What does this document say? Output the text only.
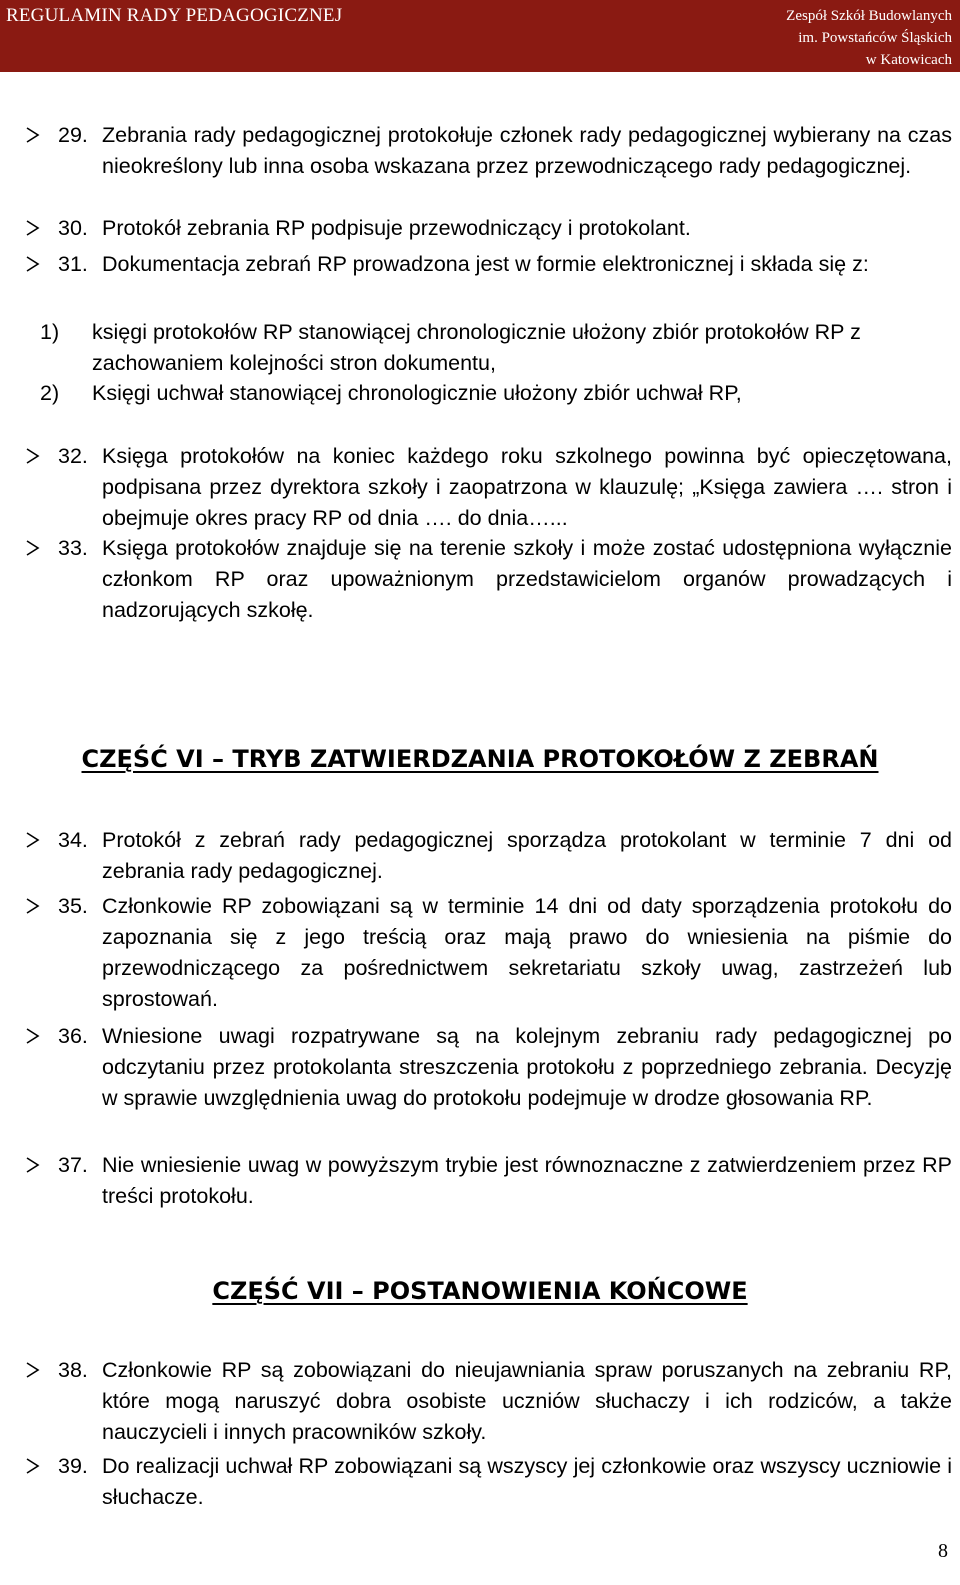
REGULAMIN RADY PEDAGOGICZNEJ	Zespół Szkół Budowlanych
im. Powstańców Śląskich
w Katowicach
29. Zebrania rady pedagogicznej protokołuje członek rady pedagogicznej wybierany na czas nieokreślony lub inna osoba wskazana przez przewodniczącego rady pedagogicznej.
30. Protokół zebrania RP podpisuje przewodniczący i protokolant.
31. Dokumentacja zebrań RP prowadzona jest w formie elektronicznej i składa się z:
1) księgi protokołów RP stanowiącej chronologicznie ułożony zbiór protokołów RP z zachowaniem kolejności stron dokumentu,
2) Księgi uchwał stanowiącej chronologicznie ułożony zbiór uchwał RP,
32. Księga protokołów na koniec każdego roku szkolnego powinna być opieczętowana, podpisana przez dyrektora szkoły i zaopatrzona w klauzulę; „Księga zawiera …. stron i obejmuje okres pracy RP od dnia …. do dnia…...
33. Księga protokołów znajduje się na terenie szkoły i może zostać udostępniona wyłącznie członkom RP oraz upoważnionym przedstawicielom organów prowadzących i nadzorujących szkołę.
CZĘŚĆ VI – TRYB ZATWIERDZANIA PROTOKOŁÓW Z ZEBRAŃ
34. Protokół z zebrań rady pedagogicznej sporządza protokolant w terminie 7 dni od zebrania rady pedagogicznej.
35. Członkowie RP zobowiązani są w terminie 14 dni od daty sporządzenia protokołu do zapoznania się z jego treścią oraz mają prawo do wniesienia na piśmie do przewodniczącego za pośrednictwem sekretariatu szkoły uwag, zastrzeżeń lub sprostowań.
36. Wniesione uwagi rozpatrywane są na kolejnym zebraniu rady pedagogicznej po odczytaniu przez protokolanta streszczenia protokołu z poprzedniego zebrania. Decyzję w sprawie uwzględnienia uwag do protokołu podejmuje w drodze głosowania RP.
37. Nie wniesienie uwag w powyższym trybie jest równoznaczne z zatwierdzeniem przez RP treści protokołu.
CZĘŚĆ VII – POSTANOWIENIA KOŃCOWE
38. Członkowie RP są zobowiązani do nieujawniania spraw poruszanych na zebraniu RP, które mogą naruszyć dobra osobiste uczniów słuchaczy i ich rodziców, a także nauczycieli i innych pracowników szkoły.
39. Do realizacji uchwał RP zobowiązani są wszyscy jej członkowie oraz wszyscy uczniowie i słuchacze.
8
